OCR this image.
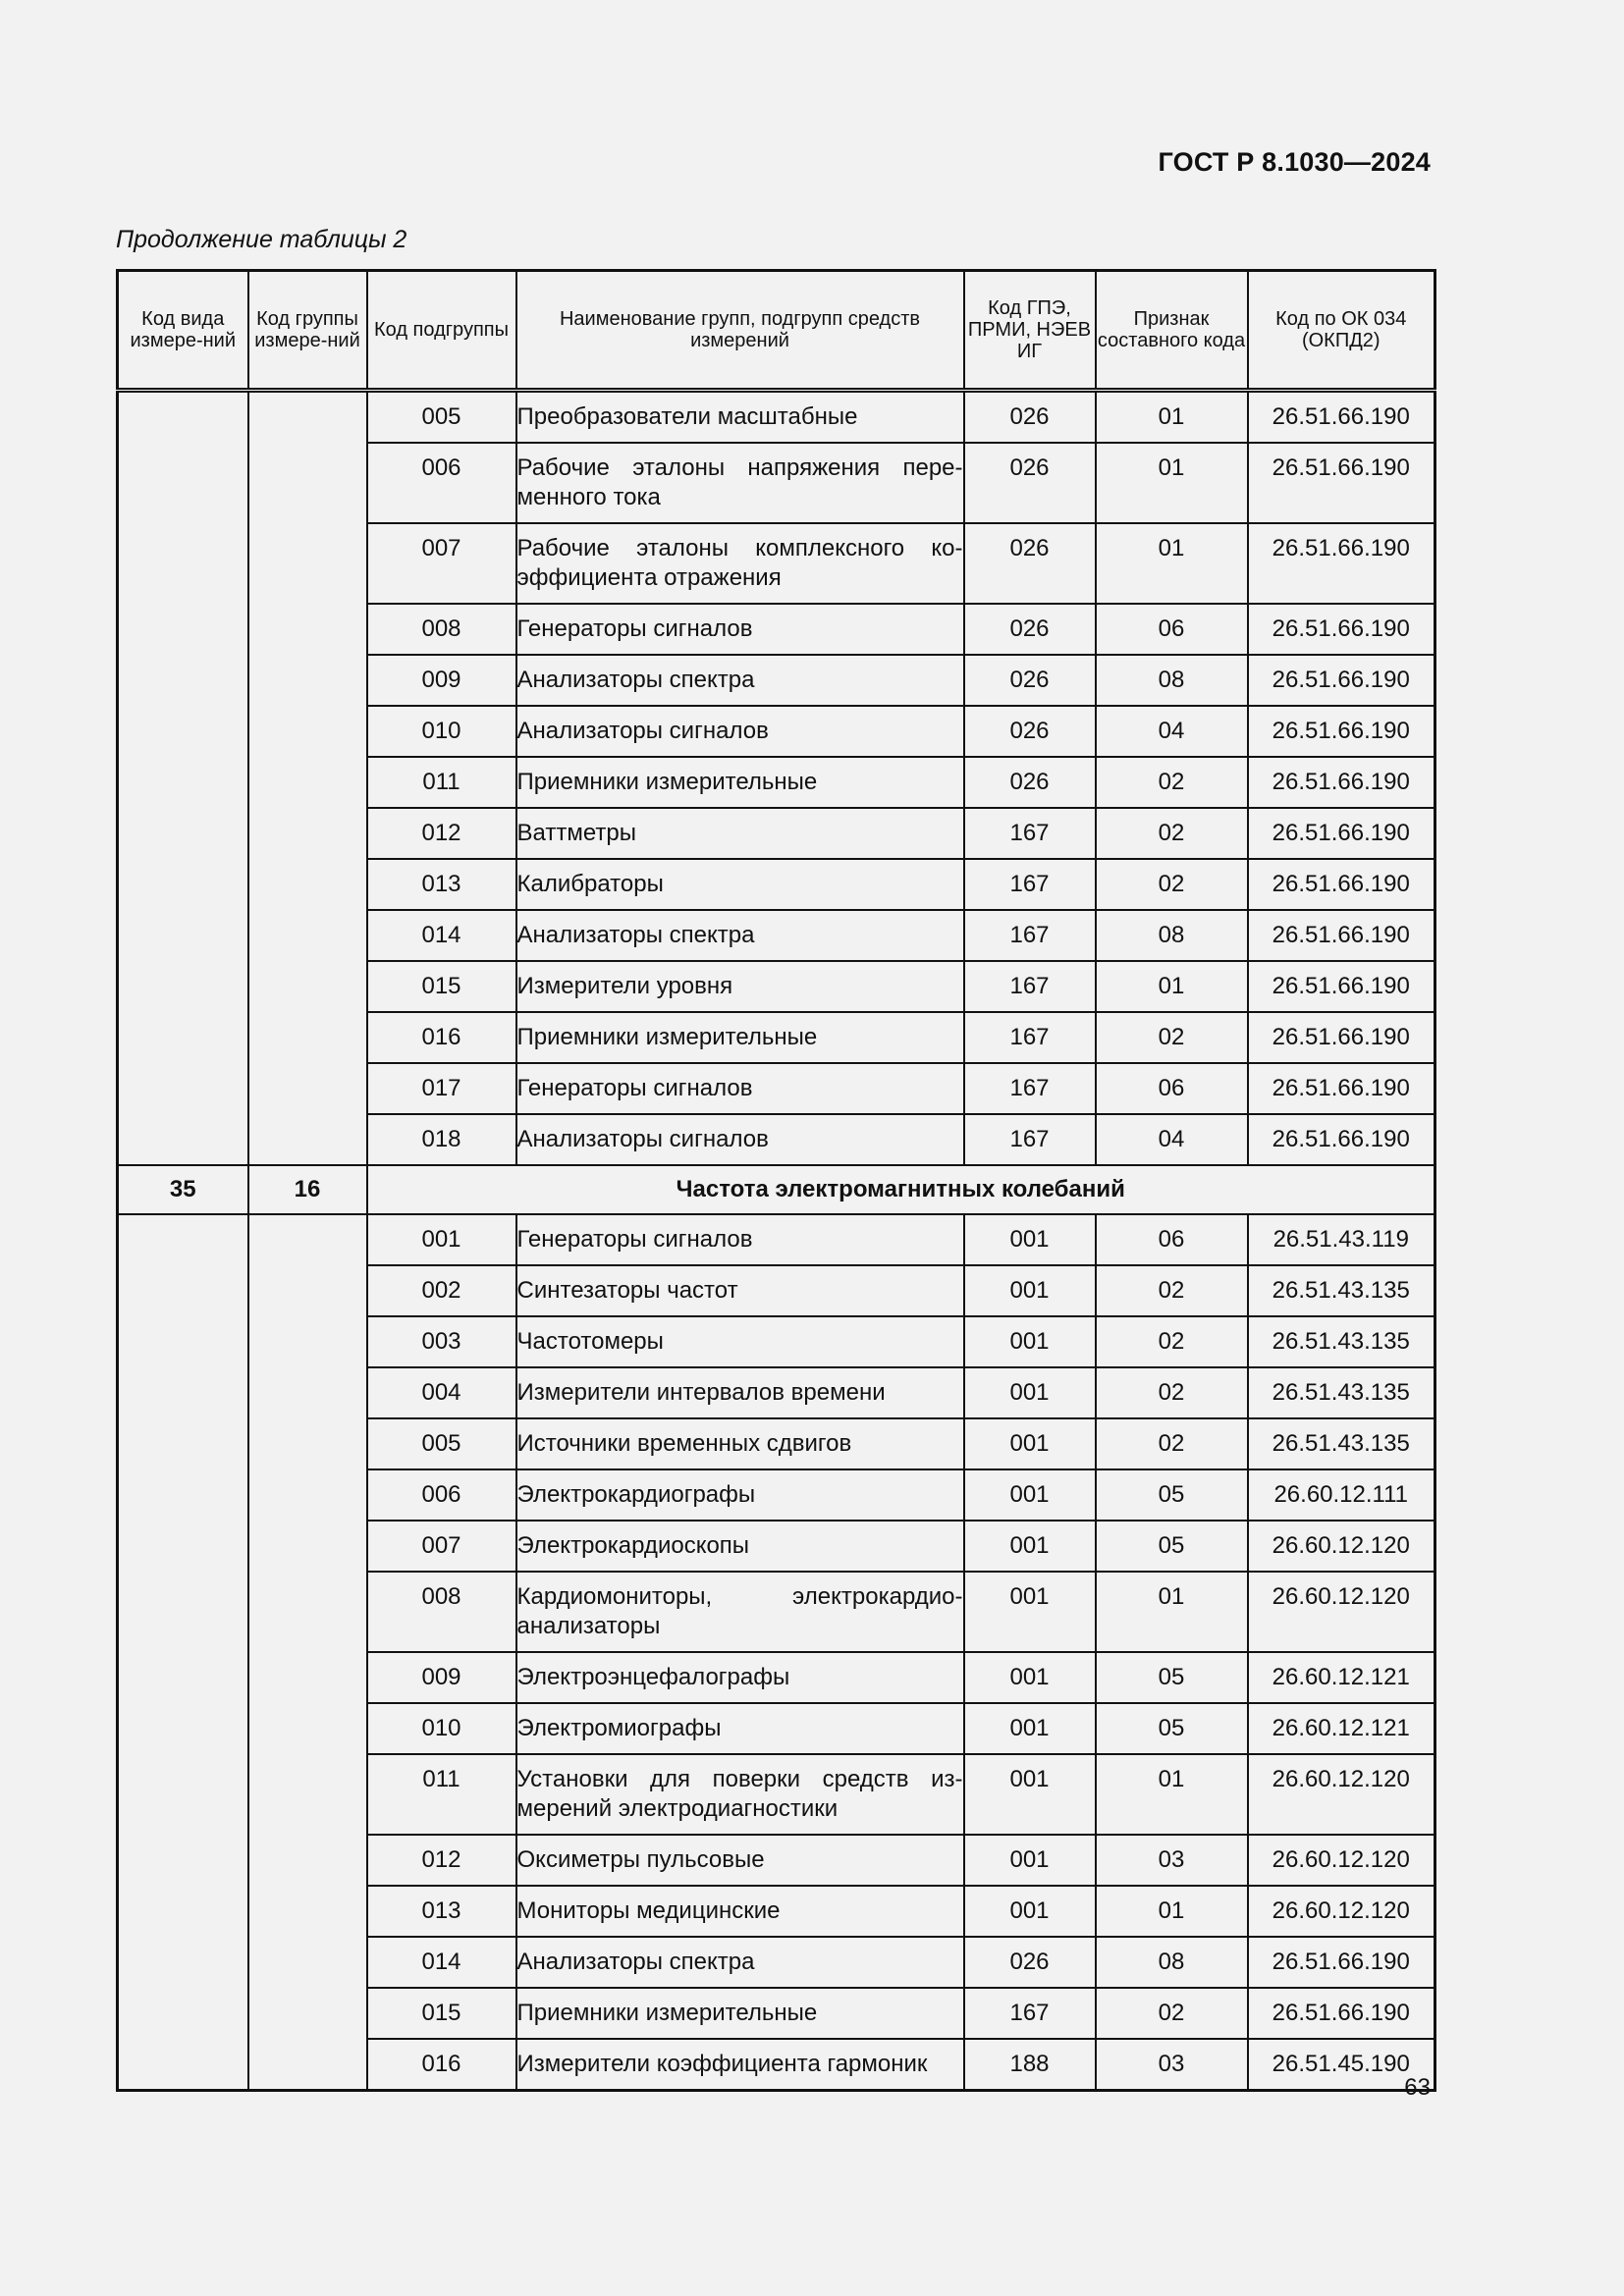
ГОСТ Р 8.1030—2024
Продолжение таблицы 2
Код вида измере-ний	Код группы измере-ний	Код подгруппы	Наименование групп, подгрупп средств измерений	Код ГПЭ, ПРМИ, НЭЕВ ИГ	Признак составного кода	Код по ОК 034 (ОКПД2)
		005	Преобразователи масштабные	026	01	26.51.66.190
		006	Рабочие эталоны напряжения пере-менного тока	026	01	26.51.66.190
		007	Рабочие эталоны комплексного ко-эффициента отражения	026	01	26.51.66.190
		008	Генераторы сигналов	026	06	26.51.66.190
		009	Анализаторы спектра	026	08	26.51.66.190
		010	Анализаторы сигналов	026	04	26.51.66.190
		011	Приемники измерительные	026	02	26.51.66.190
		012	Ваттметры	167	02	26.51.66.190
		013	Калибраторы	167	02	26.51.66.190
		014	Анализаторы спектра	167	08	26.51.66.190
		015	Измерители уровня	167	01	26.51.66.190
		016	Приемники измерительные	167	02	26.51.66.190
		017	Генераторы сигналов	167	06	26.51.66.190
		018	Анализаторы сигналов	167	04	26.51.66.190
35	16	Частота электромагнитных колебаний				
		001	Генераторы сигналов	001	06	26.51.43.119
		002	Синтезаторы частот	001	02	26.51.43.135
		003	Частотомеры	001	02	26.51.43.135
		004	Измерители интервалов времени	001	02	26.51.43.135
		005	Источники временных сдвигов	001	02	26.51.43.135
		006	Электрокардиографы	001	05	26.60.12.111
		007	Электрокардиоскопы	001	05	26.60.12.120
		008	Кардиомониторы, электрокардио-анализаторы	001	01	26.60.12.120
		009	Электроэнцефалографы	001	05	26.60.12.121
		010	Электромиографы	001	05	26.60.12.121
		011	Установки для поверки средств из-мерений электродиагностики	001	01	26.60.12.120
		012	Оксиметры пульсовые	001	03	26.60.12.120
		013	Мониторы медицинские	001	01	26.60.12.120
		014	Анализаторы спектра	026	08	26.51.66.190
		015	Приемники измерительные	167	02	26.51.66.190
		016	Измерители коэффициента гармоник	188	03	26.51.45.190
63
